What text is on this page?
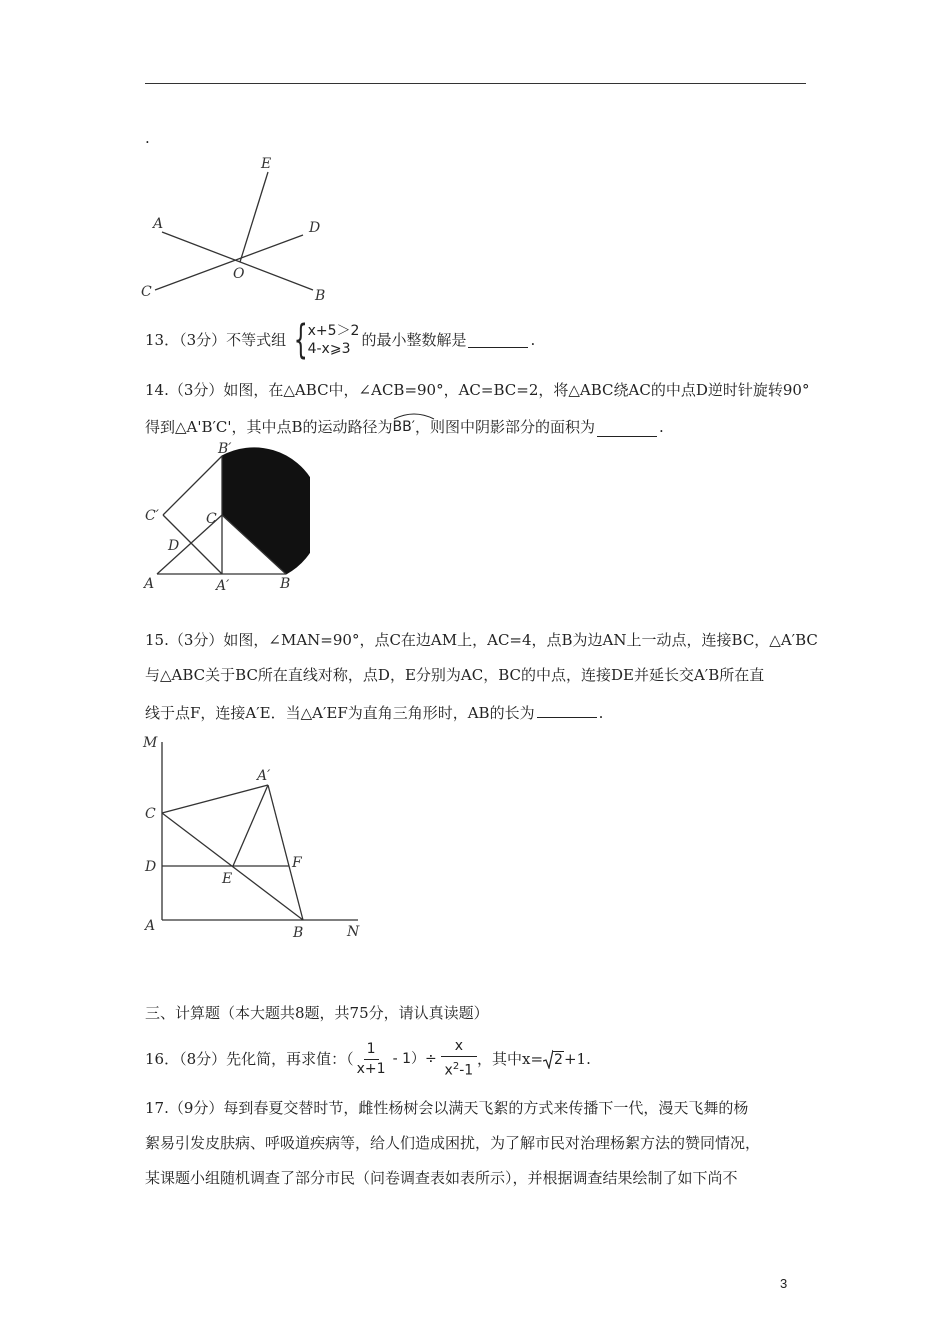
.
E
A	D
O
C	B
13．（3分）不等式组 { x+5＞2
4-x⩾3 的最小整数解是	.
14.（3分）如图，在△ABC中，∠ACB=90°，AC=BC=2，将△ABC绕AC的中点D逆时针旋转90°
得到△A'B′C'，其中点B的运动路径为 BB′ ，则图中阴影部分的面积为	.
B′
C′	C
D
A	A′	B
15.（3分）如图，∠MAN=90°，点C在边AM上，AC=4，点B为边AN上一动点，连接BC，△A′BC
与△ABC关于BC所在直线对称，点D，E分别为AC，BC的中点，连接DE并延长交A′B所在直
线于点F，连接A′E．当△A′EF为直角三角形时，AB的长为	.
M
A′
C
D
E
F
A	B	N
三、计算题（本大题共8题，共75分，请认真读题）
16．（8分）先化简，再求值：（ $\frac{1}{x+1} - 1)\div \frac{x}{x^2-1}$ ，其中x= 2 +1.
17.（9分）每到春夏交替时节，雌性杨树会以满天飞絮的方式来传播下一代，漫天飞舞的杨
絮易引发皮肤病、呼吸道疾病等，给人们造成困扰，为了解市民对治理杨絮方法的赞同情况，
某课题小组随机调查了部分市民（问卷调查表如表所示），并根据调查结果绘制了如下尚不
3
